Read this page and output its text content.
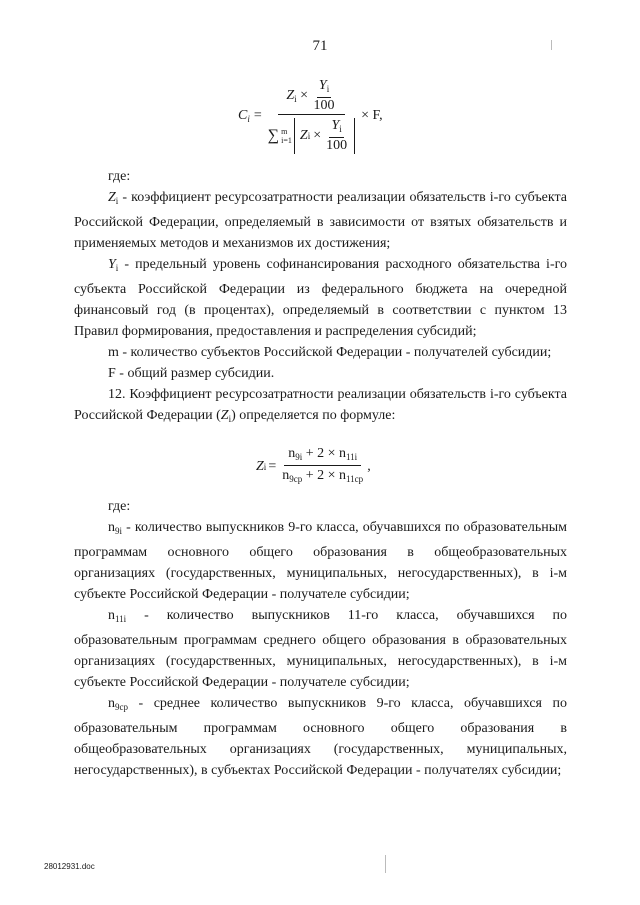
71
$C_i$ =
$Z_i \times \frac{Y_i}{100}$
∑ m
i=1 Z $i \times \frac{Y_i}{100}$
× F,

где:

$Z_i$ - коэффициент ресурсозатратности реализации обязательств i-го субъекта Российской Федерации, определяемый в зависимости от взятых обязательств и применяемых методов и механизмов их достижения;

$Y_i$ - предельный уровень софинансирования расходного обязательства i-го субъекта Российской Федерации из федерального бюджета на очередной финансовый год (в процентах), определяемый в соответствии с пунктом 13 Правил формирования, предоставления и распределения субсидий;

m - количество субъектов Российской Федерации - получателей субсидии;

F - общий размер субсидии.

12. Коэффициент ресурсозатратности реализации обязательств i-го субъекта Российской Федерации $(Z_i)$ определяется по формуле:

Z $i = \frac{n_{9i} + 2 \times n_{11i}}{n_{9ср} + 2 \times n_{11ср}}$ ,

где:

$n_{9i}$ - количество выпускников 9-го класса, обучавшихся по образовательным программам основного общего образования в общеобразовательных организациях (государственных, муниципальных, негосударственных), в i-м субъекте Российской Федерации - получателе субсидии;

$n_{11i}$ - количество выпускников 11-го класса, обучавшихся по образовательным программам среднего общего образования в образовательных организациях (государственных, муниципальных, негосударственных), в i-м субъекте Российской Федерации - получателе субсидии;

$n_{9ср}$ - среднее количество выпускников 9-го класса, обучавшихся по образовательным программам основного общего образования в общеобразовательных организациях (государственных, муниципальных, негосударственных), в субъектах Российской Федерации - получателях субсидии;

28012931.doc
